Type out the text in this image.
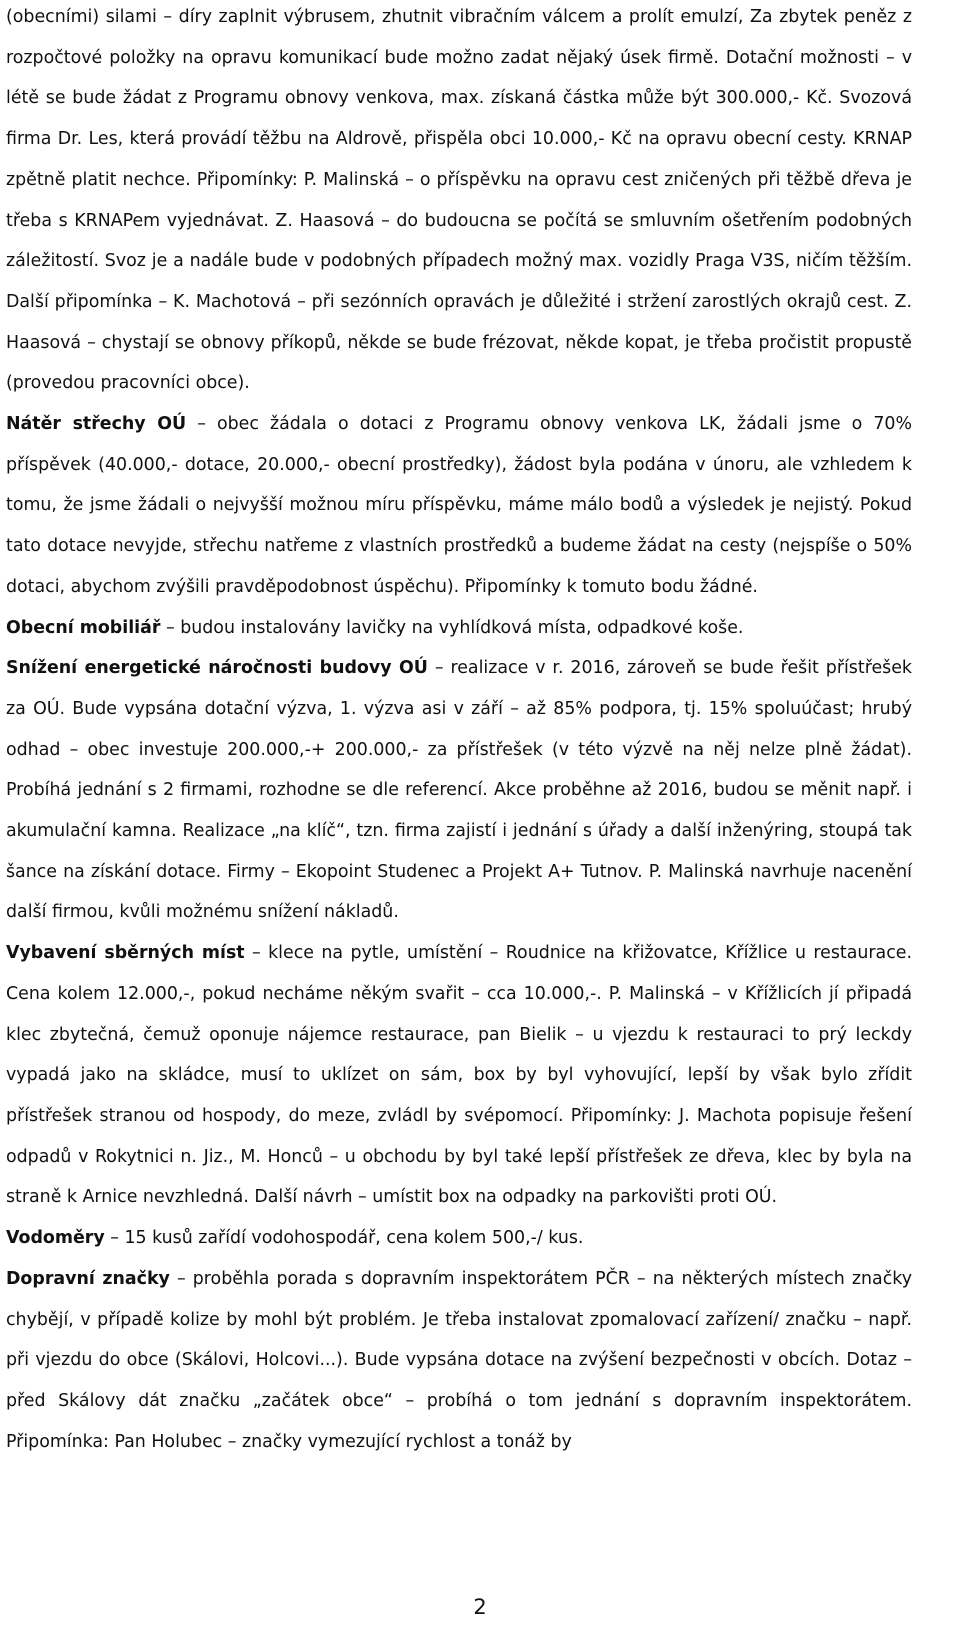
(obecními) silami – díry zaplnit výbrusem, zhutnit vibračním válcem a prolít emulzí, Za zbytek peněz z rozpočtové položky na opravu komunikací bude možno zadat nějaký úsek firmě. Dotační možnosti – v létě se bude žádat z Programu obnovy venkova, max. získaná částka může být 300.000,- Kč. Svozová firma Dr. Les, která provádí těžbu na Aldrově, přispěla obci 10.000,- Kč na opravu obecní cesty. KRNAP zpětně platit nechce. Připomínky: P. Malinská – o příspěvku na opravu cest zničených při těžbě dřeva je třeba s KRNAPem vyjednávat. Z. Haasová – do budoucna se počítá se smluvním ošetřením podobných záležitostí. Svoz je a nadále bude v podobných případech možný max. vozidly Praga V3S, ničím těžším. Další připomínka – K. Machotová – při sezónních opravách je důležité i stržení zarostlých okrajů cest. Z. Haasová – chystají se obnovy příkopů, někde se bude frézovat, někde kopat, je třeba pročistit propustě (provedou pracovníci obce).

Nátěr střechy OÚ – obec žádala o dotaci z Programu obnovy venkova LK, žádali jsme o 70% příspěvek (40.000,- dotace, 20.000,- obecní prostředky), žádost byla podána v únoru, ale vzhledem k tomu, že jsme žádali o nejvyšší možnou míru příspěvku, máme málo bodů a výsledek je nejistý. Pokud tato dotace nevyjde, střechu natřeme z vlastních prostředků a budeme žádat na cesty (nejspíše o 50% dotaci, abychom zvýšili pravděpodobnost úspěchu). Připomínky k tomuto bodu žádné.

Obecní mobiliář – budou instalovány lavičky na vyhlídková místa, odpadkové koše.

Snížení energetické náročnosti budovy OÚ – realizace v r. 2016, zároveň se bude řešit přístřešek za OÚ. Bude vypsána dotační výzva, 1. výzva asi v září – až 85% podpora, tj. 15% spoluúčast; hrubý odhad – obec investuje 200.000,-+ 200.000,- za přístřešek (v této výzvě na něj nelze plně žádat). Probíhá jednání s 2 firmami, rozhodne se dle referencí. Akce proběhne až 2016, budou se měnit např. i akumulační kamna. Realizace „na klíč“, tzn. firma zajistí i jednání s úřady a další inženýring, stoupá tak šance na získání dotace. Firmy – Ekopoint Studenec a Projekt A+ Tutnov. P. Malinská navrhuje nacenění další firmou, kvůli možnému snížení nákladů.

Vybavení sběrných míst – klece na pytle, umístění – Roudnice na křižovatce, Křížlice u restaurace. Cena kolem 12.000,-, pokud necháme někým svařit – cca 10.000,-. P. Malinská – v Křížlicích jí připadá klec zbytečná, čemuž oponuje nájemce restaurace, pan Bielik – u vjezdu k restauraci to prý leckdy vypadá jako na skládce, musí to uklízet on sám, box by byl vyhovující, lepší by však bylo zřídit přístřešek stranou od hospody, do meze, zvládl by svépomocí. Připomínky: J. Machota popisuje řešení odpadů v Rokytnici n. Jiz., M. Honců – u obchodu by byl také lepší přístřešek ze dřeva, klec by byla na straně k Arnice nevzhledná. Další návrh – umístit box na odpadky na parkovišti proti OÚ.

Vodoměry – 15 kusů zařídí vodohospodář, cena kolem 500,-/ kus.

Dopravní značky – proběhla porada s dopravním inspektorátem PČR – na některých místech značky chybějí, v případě kolize by mohl být problém. Je třeba instalovat zpomalovací zařízení/ značku – např. při vjezdu do obce (Skálovi, Holcovi...). Bude vypsána dotace na zvýšení bezpečnosti v obcích. Dotaz – před Skálovy dát značku „začátek obce“ – probíhá o tom jednání s dopravním inspektorátem. Připomínka: Pan Holubec – značky vymezující rychlost a tonáž by

2
